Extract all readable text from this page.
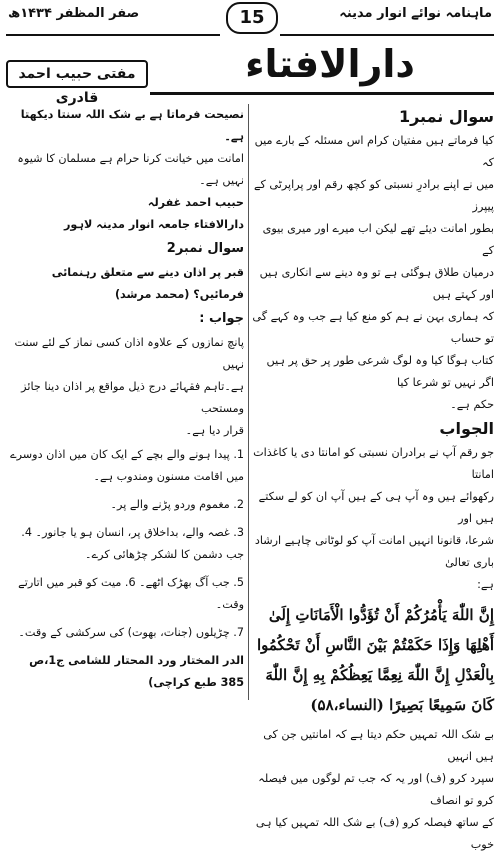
ماہنامہ نوائے انوار مدینہ
15
صفر المظفر ۱۴۳۴ھ
دارالافتاء
مفتی حبیب احمد قادری
سوال نمبر1

کیا فرماتے ہیں مفتیان کرام اس مسئلہ کے بارے میں کہ

میں نے اپنے برادرِ نسبتی کو کچھ رقم اور پراپرٹی کے پیپرز

بطور امانت دیئے تھے لیکن اب میرے اور میری بیوی کے

درمیان طلاق ہوگئی ہے تو وہ دینے سے انکاری ہیں اور کہتے ہیں

کہ ہماری بہن نے ہم کو منع کیا ہے جب وہ کہے گی تو حساب

کتاب ہوگا کیا وہ لوگ شرعی طور پر حق پر ہیں اگر نہیں تو شرعا کیا

حکم ہے۔

الجواب

جو رقم آپ نے برادران نسبتی کو امانتا دی یا کاغذات امانتا

رکھوائے ہیں وہ آپ ہی کے ہیں آپ ان کو لے سکتے ہیں اور

شرعا، قانونا انہیں امانت آپ کو لوٹانی چاہیے ارشاد باری تعالیٰ

ہے:

إِنَّ اللّٰهَ يَأْمُرُكُمْ أَنْ تُؤَدُّوا الْأَمَانَاتِ إِلَىٰ أَهْلِهَا وَإِذَا حَكَمْتُمْ بَيْنَ النَّاسِ أَنْ تَحْكُمُوا بِالْعَدْلِ إِنَّ اللّٰهَ نِعِمَّا يَعِظُكُمْ بِهِ إِنَّ اللّٰهَ كَانَ سَمِيعًا بَصِيرًا (النساء،۵۸)

بے شک اللہ تمہیں حکم دیتا ہے کہ امانتیں جن کی ہیں انہیں

سپرد کرو (ف) اور یہ کہ جب تم لوگوں میں فیصلہ کرو تو انصاف

کے ساتھ فیصلہ کرو (ف) بے شک اللہ تمہیں کیا ہی خوب

نصیحت فرماتا ہے بے شک اللہ سنتا دیکھتا ہے۔

امانت میں خیانت کرنا حرام ہے مسلمان کا شیوہ نہیں ہے۔

حبیب احمد غفرلہ

دارالافتاء جامعہ انوار مدینہ لاہور

سوال نمبر2

قبر پر اذان دینے سے متعلق رہنمائی فرمائیں؟ (محمد مرشد)

جواب :

پانچ نمازوں کے علاوہ اذان کسی نماز کے لئے سنت نہیں

ہے۔تاہم فقہائے درج ذیل مواقع پر اذان دینا جائز ومستحب

قرار دیا ہے۔

1. پیدا ہونے والے بچے کے ایک کان میں اذان دوسرے میں اقامت مسنون ومندوب ہے۔

2. مغموم وردو پڑنے والے پر۔

3. غصہ والے، بداخلاق پر، انسان ہو یا جانور۔ 4. جب دشمن کا لشکر چڑھائی کرے۔

5. جب آگ بھڑک اٹھے۔ 6. میت کو قبر میں اتارتے وقت۔

7. چڑیلوں (جنات، بھوت) کی سرکشی کے وقت۔

الدر المختار ورد المحتار للشامی ج1،ص

385 طبع کراچی)
